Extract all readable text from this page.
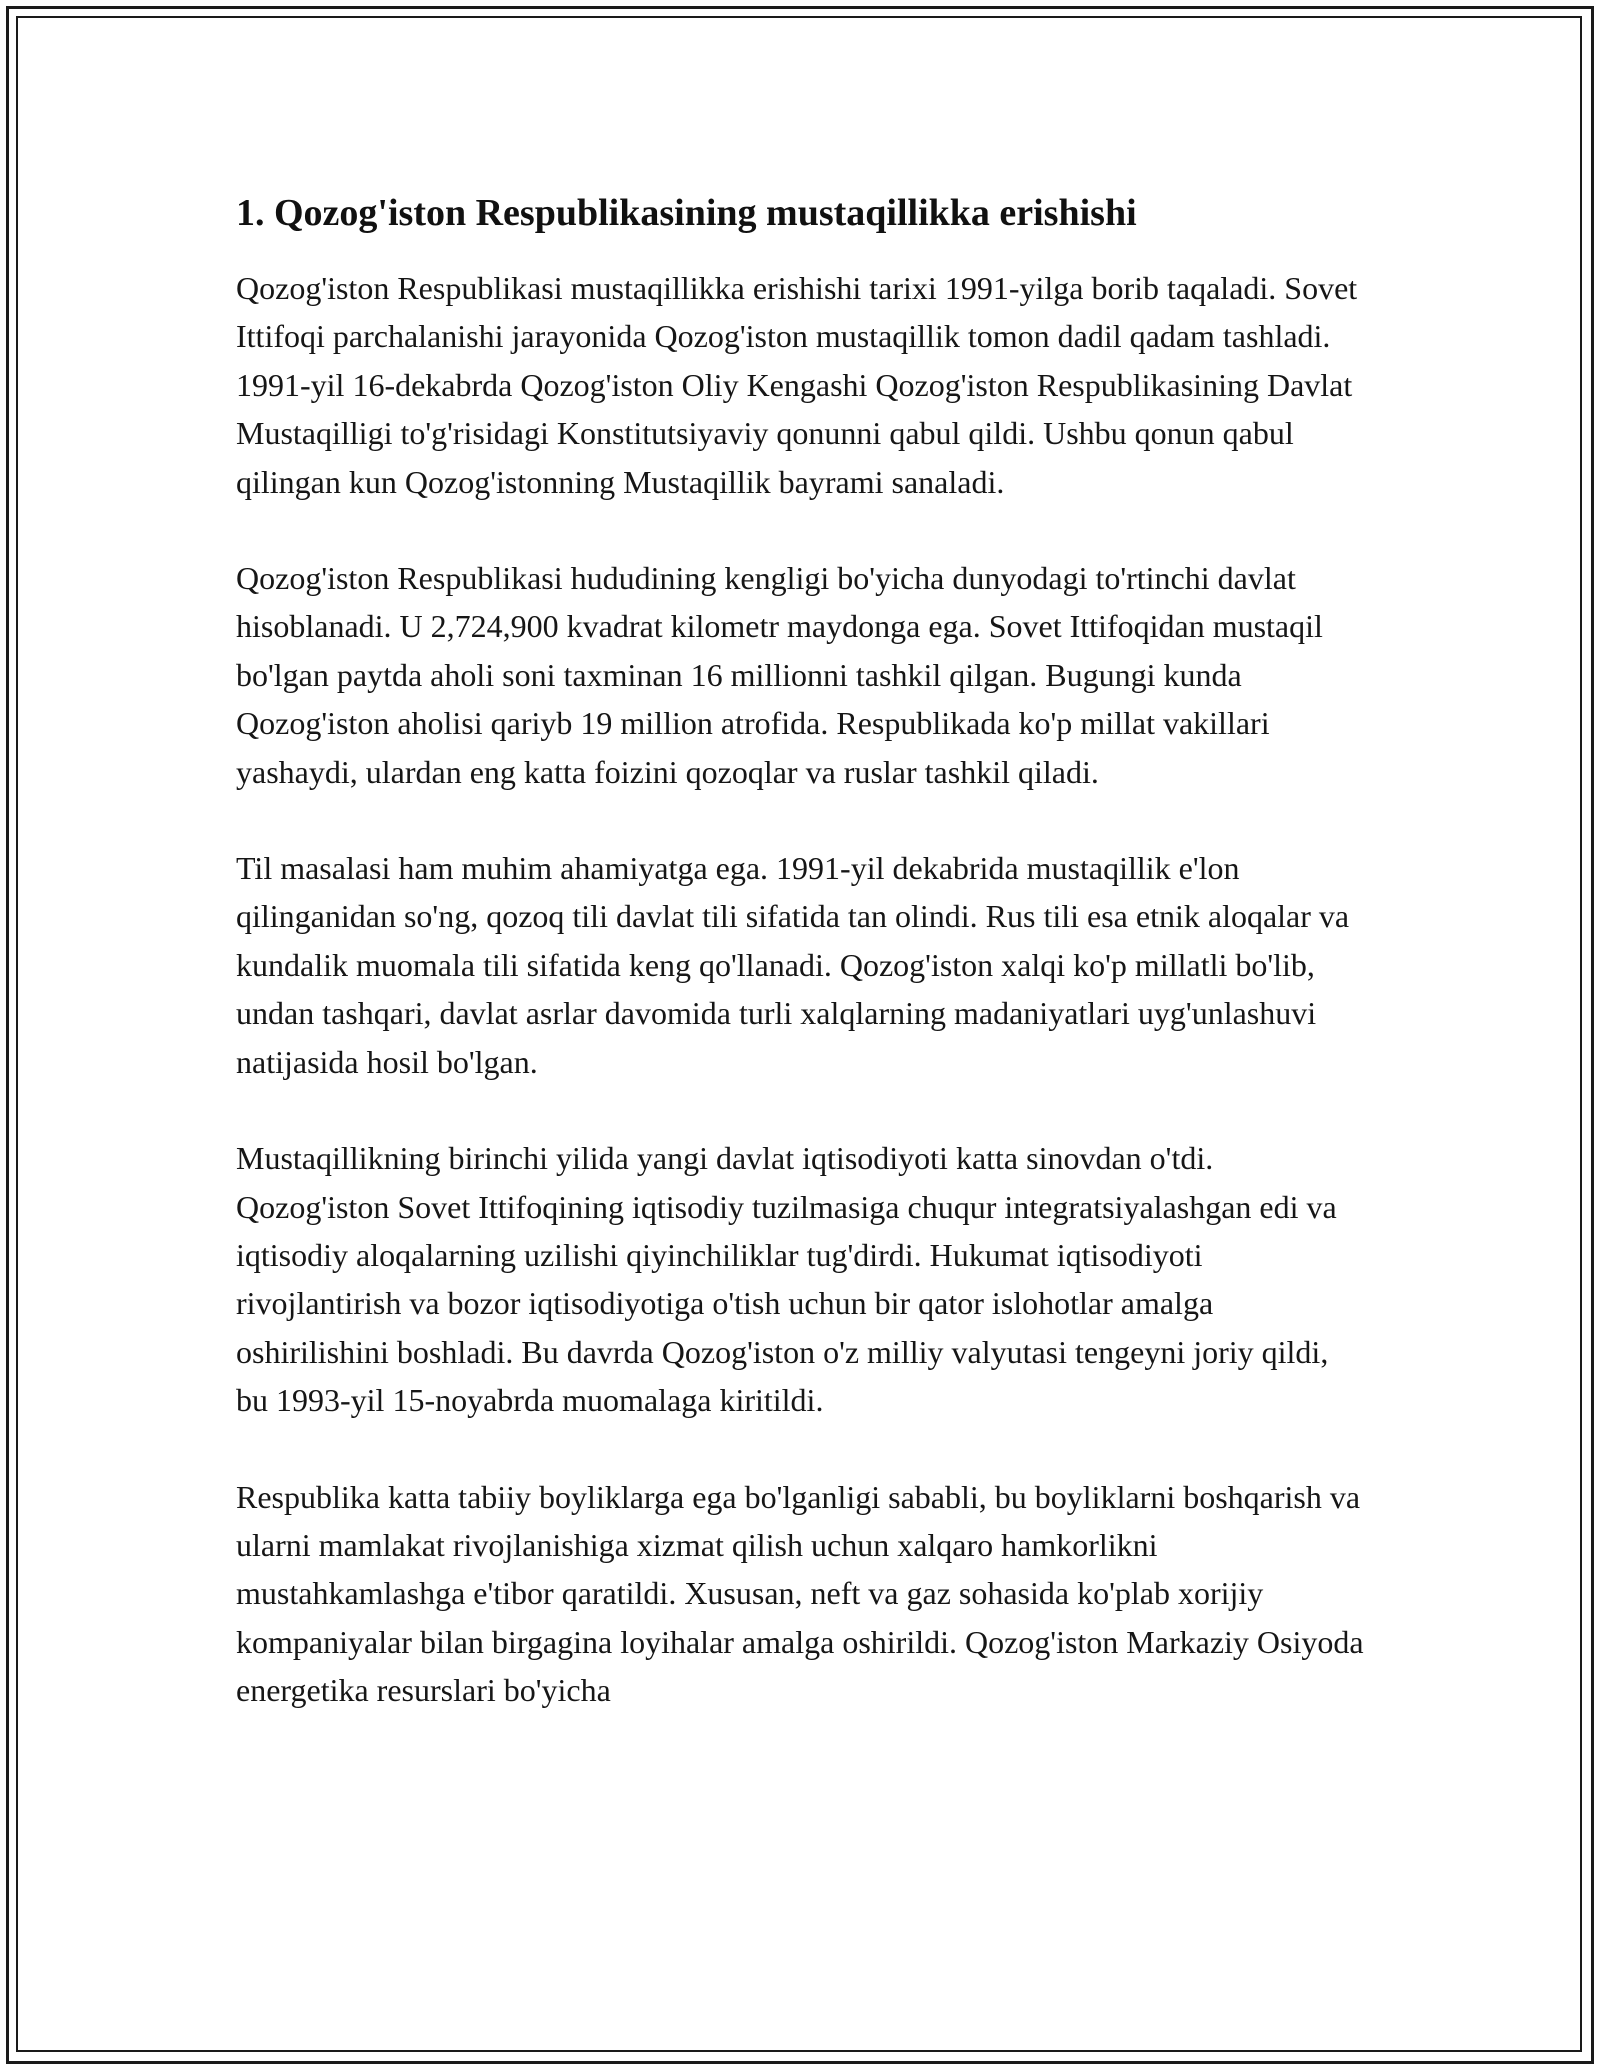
1. Qozog'iston Respublikasining mustaqillikka erishishi

Qozog'iston Respublikasi mustaqillikka erishishi tarixi 1991-yilga borib taqaladi. Sovet Ittifoqi parchalanishi jarayonida Qozog'iston mustaqillik tomon dadil qadam tashladi. 1991-yil 16-dekabrda Qozog'iston Oliy Kengashi Qozog'iston Respublikasining Davlat Mustaqilligi to'g'risidagi Konstitutsiyaviy qonunni qabul qildi. Ushbu qonun qabul qilingan kun Qozog'istonning Mustaqillik bayrami sanaladi.

Qozog'iston Respublikasi hududining kengligi bo'yicha dunyodagi to'rtinchi davlat hisoblanadi. U 2,724,900 kvadrat kilometr maydonga ega. Sovet Ittifoqidan mustaqil bo'lgan paytda aholi soni taxminan 16 millionni tashkil qilgan. Bugungi kunda Qozog'iston aholisi qariyb 19 million atrofida. Respublikada ko'p millat vakillari yashaydi, ulardan eng katta foizini qozoqlar va ruslar tashkil qiladi.

Til masalasi ham muhim ahamiyatga ega. 1991-yil dekabrida mustaqillik e'lon qilinganidan so'ng, qozoq tili davlat tili sifatida tan olindi. Rus tili esa etnik aloqalar va kundalik muomala tili sifatida keng qo'llanadi. Qozog'iston xalqi ko'p millatli bo'lib, undan tashqari, davlat asrlar davomida turli xalqlarning madaniyatlari uyg'unlashuvi natijasida hosil bo'lgan.

Mustaqillikning birinchi yilida yangi davlat iqtisodiyoti katta sinovdan o'tdi. Qozog'iston Sovet Ittifoqining iqtisodiy tuzilmasiga chuqur integratsiyalashgan edi va iqtisodiy aloqalarning uzilishi qiyinchiliklar tug'dirdi. Hukumat iqtisodiyoti rivojlantirish va bozor iqtisodiyotiga o'tish uchun bir qator islohotlar amalga oshirilishini boshladi. Bu davrda Qozog'iston o'z milliy valyutasi tengeyni joriy qildi, bu 1993-yil 15-noyabrda muomalaga kiritildi.

Respublika katta tabiiy boyliklarga ega bo'lganligi sababli, bu boyliklarni boshqarish va ularni mamlakat rivojlanishiga xizmat qilish uchun xalqaro hamkorlikni mustahkamlashga e'tibor qaratildi. Xususan, neft va gaz sohasida ko'plab xorijiy kompaniyalar bilan birgagina loyihalar amalga oshirildi. Qozog'iston Markaziy Osiyoda energetika resurslari bo'yicha
